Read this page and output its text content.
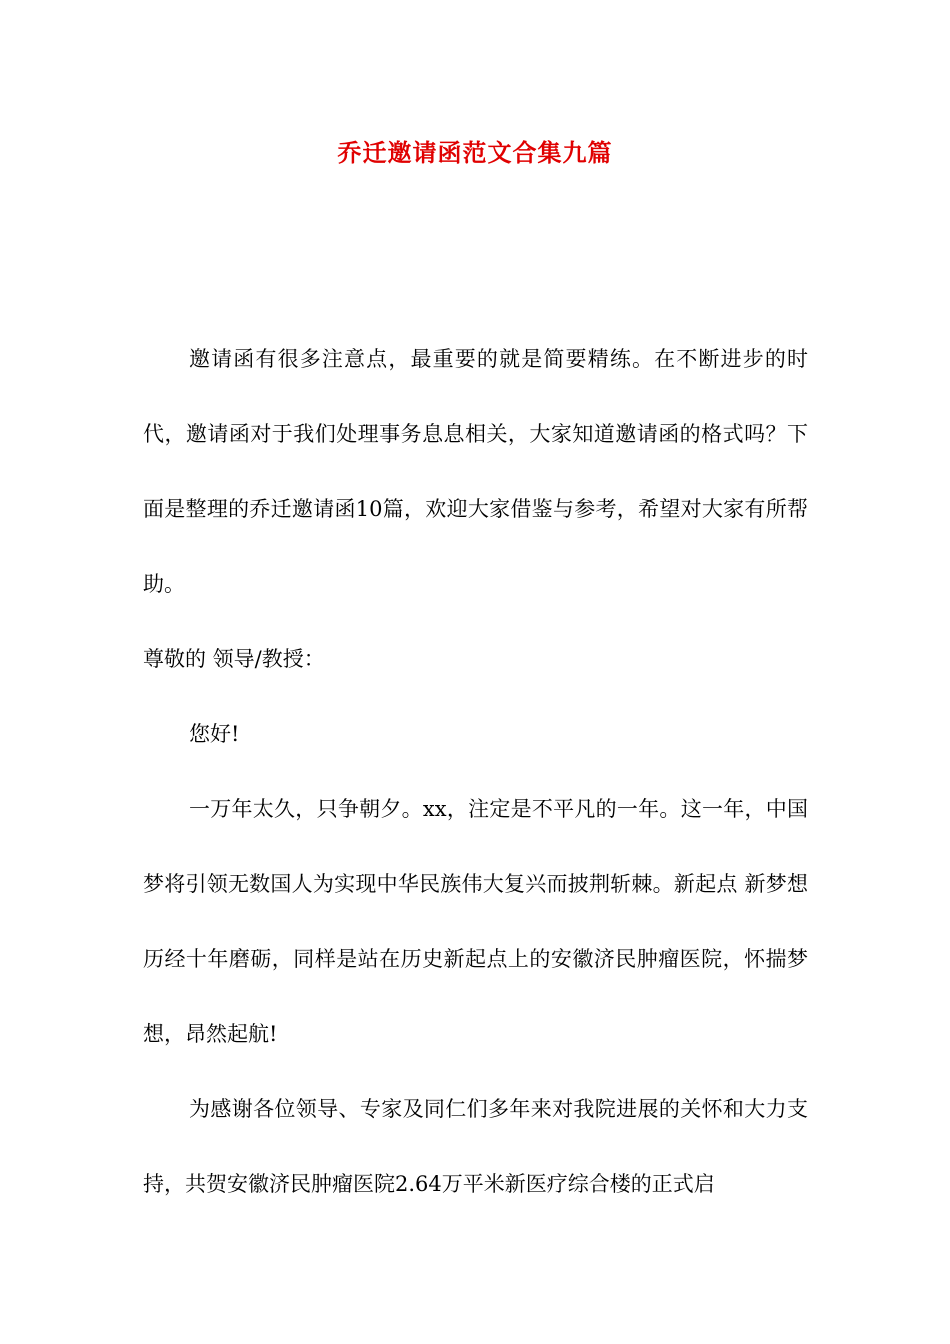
乔迁邀请函范文合集九篇

邀请函有很多注意点，最重要的就是简要精练。在不断进步的时代，邀请函对于我们处理事务息息相关，大家知道邀请函的格式吗？下面是整理的乔迁邀请函10篇，欢迎大家借鉴与参考，希望对大家有所帮助。

尊敬的 领导/教授：

您好!

一万年太久，只争朝夕。xx，注定是不平凡的一年。这一年，中国梦将引领无数国人为实现中华民族伟大复兴而披荆斩棘。新起点 新梦想历经十年磨砺，同样是站在历史新起点上的安徽济民肿瘤医院，怀揣梦想，昂然起航!

为感谢各位领导、专家及同仁们多年来对我院进展的关怀和大力支持，共贺安徽济民肿瘤医院2.64万平米新医疗综合楼的正式启
